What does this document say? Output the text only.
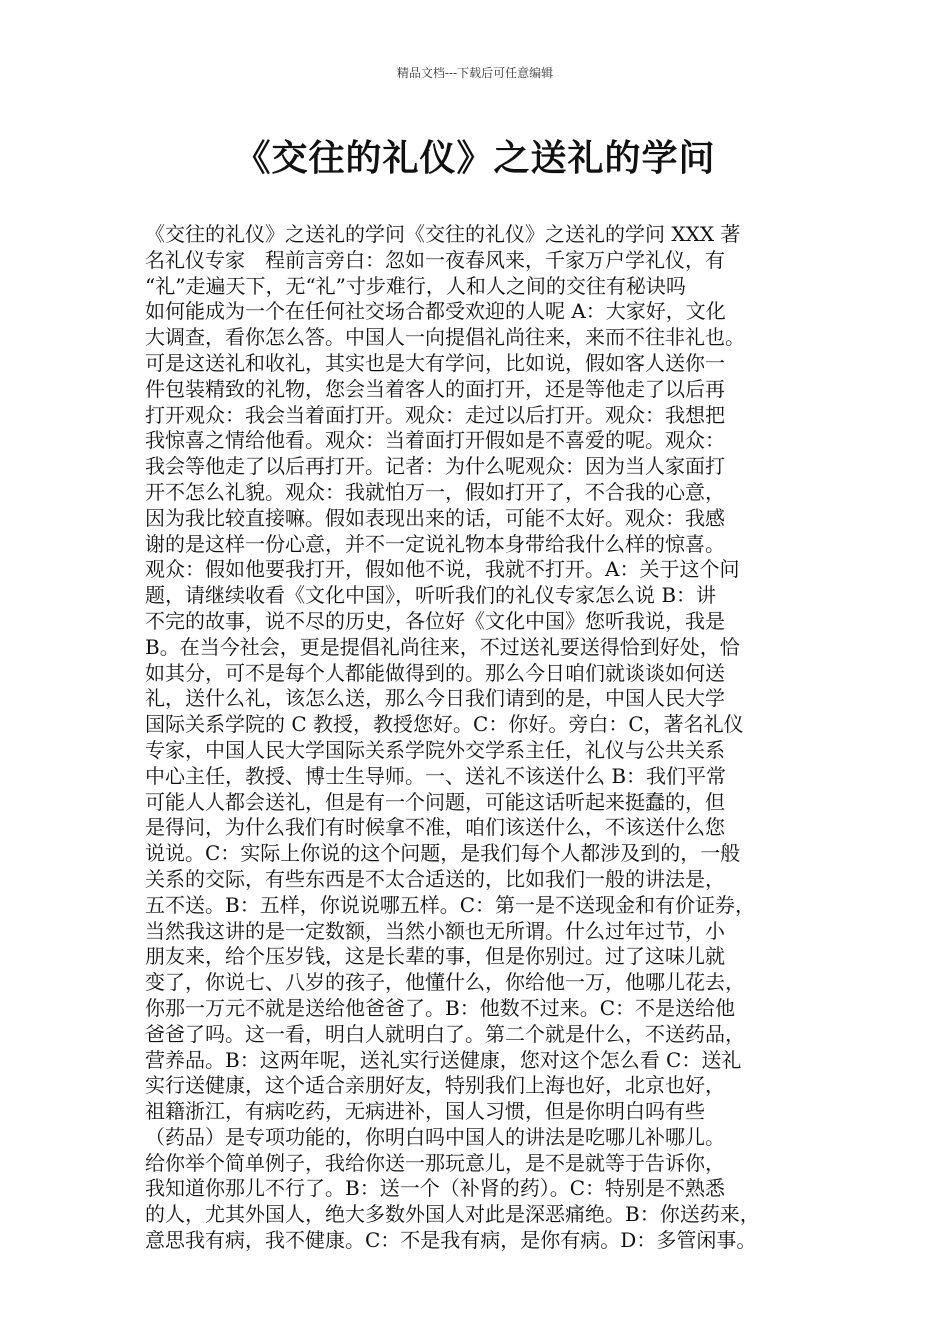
精品文档---下载后可任意编辑
《交往的礼仪》之送礼的学问
《交往的礼仪》之送礼的学问《交往的礼仪》之送礼的学问 XXX 著
名礼仪专家　程前言旁白：忽如一夜春风来，千家万户学礼仪，有
“礼”走遍天下，无“礼”寸步难行，人和人之间的交往有秘诀吗
如何能成为一个在任何社交场合都受欢迎的人呢 A：大家好，文化
大调查，看你怎么答。中国人一向提倡礼尚往来，来而不往非礼也。
可是这送礼和收礼，其实也是大有学问，比如说，假如客人送你一
件包装精致的礼物，您会当着客人的面打开，还是等他走了以后再
打开观众：我会当着面打开。观众：走过以后打开。观众：我想把
我惊喜之情给他看。观众：当着面打开假如是不喜爱的呢。观众：
我会等他走了以后再打开。记者：为什么呢观众：因为当人家面打
开不怎么礼貌。观众：我就怕万一，假如打开了，不合我的心意，
因为我比较直接嘛。假如表现出来的话，可能不太好。观众：我感
谢的是这样一份心意，并不一定说礼物本身带给我什么样的惊喜。
观众：假如他要我打开，假如他不说，我就不打开。A：关于这个问
题，请继续收看《文化中国》，听听我们的礼仪专家怎么说 B：讲
不完的故事，说不尽的历史，各位好《文化中国》您听我说，我是
B。在当今社会，更是提倡礼尚往来，不过送礼要送得恰到好处，恰
如其分，可不是每个人都能做得到的。那么今日咱们就谈谈如何送
礼，送什么礼，该怎么送，那么今日我们请到的是，中国人民大学
国际关系学院的 C 教授，教授您好。C：你好。旁白：C，著名礼仪
专家，中国人民大学国际关系学院外交学系主任，礼仪与公共关系
中心主任，教授、博士生导师。一、送礼不该送什么 B：我们平常
可能人人都会送礼，但是有一个问题，可能这话听起来挺蠢的，但
是得问，为什么我们有时候拿不准，咱们该送什么，不该送什么您
说说。C：实际上你说的这个问题，是我们每个人都涉及到的，一般
关系的交际，有些东西是不太合适送的，比如我们一般的讲法是，
五不送。B：五样，你说说哪五样。C：第一是不送现金和有价证券，
当然我这讲的是一定数额，当然小额也无所谓。什么过年过节，小
朋友来，给个压岁钱，这是长辈的事，但是你别过。过了这味儿就
变了，你说七、八岁的孩子，他懂什么，你给他一万，他哪儿花去，
你那一万元不就是送给他爸爸了。B：他数不过来。C：不是送给他
爸爸了吗。这一看，明白人就明白了。第二个就是什么，不送药品，
营养品。B：这两年呢，送礼实行送健康，您对这个怎么看 C：送礼
实行送健康，这个适合亲朋好友，特别我们上海也好，北京也好，
祖籍浙江，有病吃药，无病进补，国人习惯，但是你明白吗有些
（药品）是专项功能的，你明白吗中国人的讲法是吃哪儿补哪儿。
给你举个简单例子，我给你送一那玩意儿，是不是就等于告诉你，
我知道你那儿不行了。B：送一个（补肾的药）。C：特别是不熟悉
的人，尤其外国人，绝大多数外国人对此是深恶痛绝。B：你送药来，
意思我有病，我不健康。C：不是我有病，是你有病。D：多管闲事。
